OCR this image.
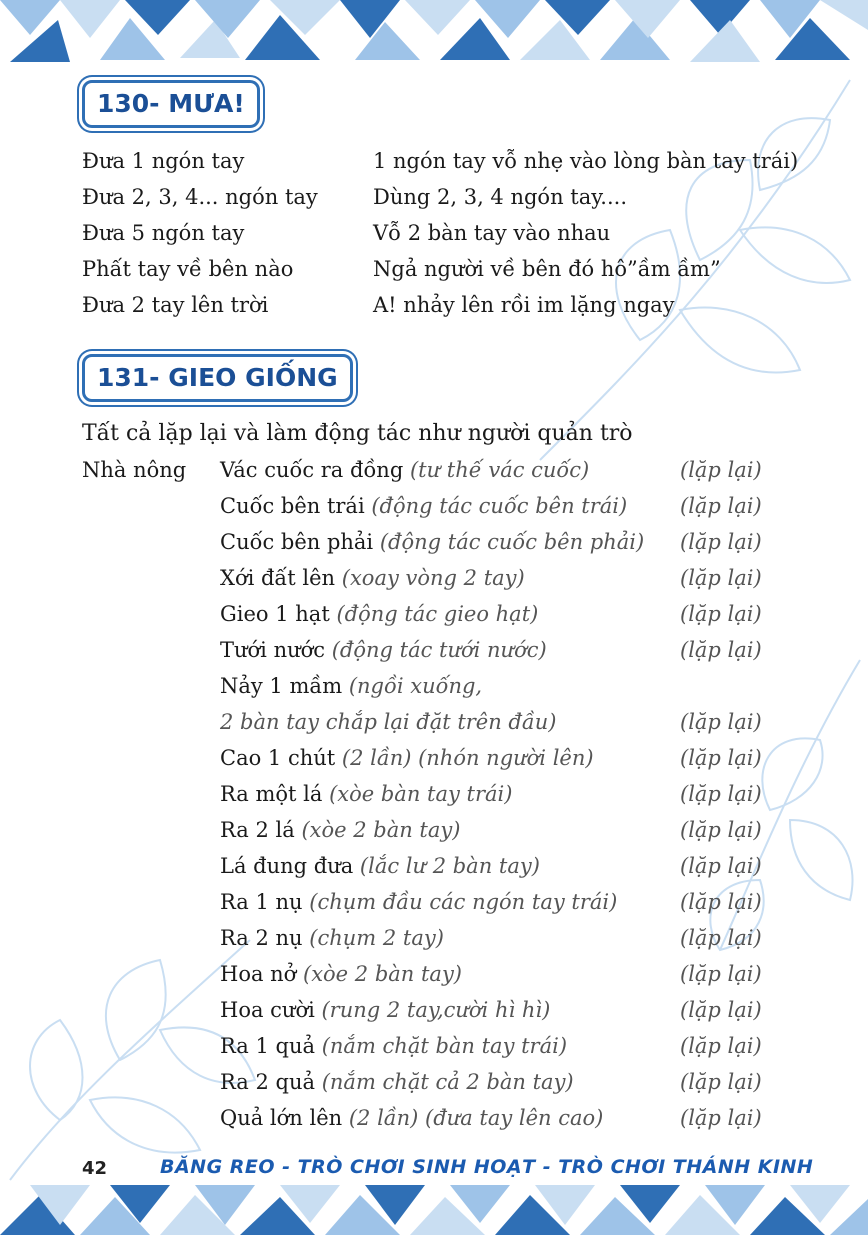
130- MƯA!
Đưa 1 ngón tay	1 ngón tay vỗ nhẹ vào lòng bàn tay trái)
Đưa 2, 3, 4... ngón tay	Dùng 2, 3, 4 ngón tay....
Đưa 5 ngón tay	Vỗ 2 bàn tay vào nhau
Phất tay về bên nào	Ngả người về bên đó hô”ầm ầm”
Đưa 2 tay lên trời	A! nhảy lên rồi im lặng ngay
131- GIEO GIỐNG
Tất cả lặp lại và làm động tác như người quản trò
Nhà nông Vác cuốc ra đồng (tư thế vác cuốc)	(lặp lại)
Cuốc bên trái (động tác cuốc bên trái)	(lặp lại)
Cuốc bên phải (động tác cuốc bên phải) (lặp lại)
Xới đất lên (xoay vòng 2 tay)	(lặp lại)
Gieo 1 hạt (động tác gieo hạt)	(lặp lại)
Tưới nước (động tác tưới nước)	(lặp lại)
Nảy 1 mầm (ngồi xuống,
2 bàn tay chắp lại đặt trên đầu)	(lặp lại)
Cao 1 chút (2 lần) (nhón người lên)	(lặp lại)
Ra một lá (xòe bàn tay trái)	(lặp lại)
Ra 2 lá (xòe 2 bàn tay)	(lặp lại)
Lá đung đưa (lắc lư 2 bàn tay)	(lặp lại)
Ra 1 nụ (chụm đầu các ngón tay trái)	(lặp lại)
Ra 2 nụ (chụm 2 tay)	(lặp lại)
Hoa nở (xòe 2 bàn tay)	(lặp lại)
Hoa cười (rung 2 tay,cười hì hì)	(lặp lại)
Ra 1 quả (nắm chặt bàn tay trái)	(lặp lại)
Ra 2 quả (nắm chặt cả 2 bàn tay)	(lặp lại)
Quả lớn lên (2 lần) (đưa tay lên cao)	(lặp lại)
42	BĂNG REO - TRÒ CHƠI SINH HOẠT - TRÒ CHƠI THÁNH KINH
